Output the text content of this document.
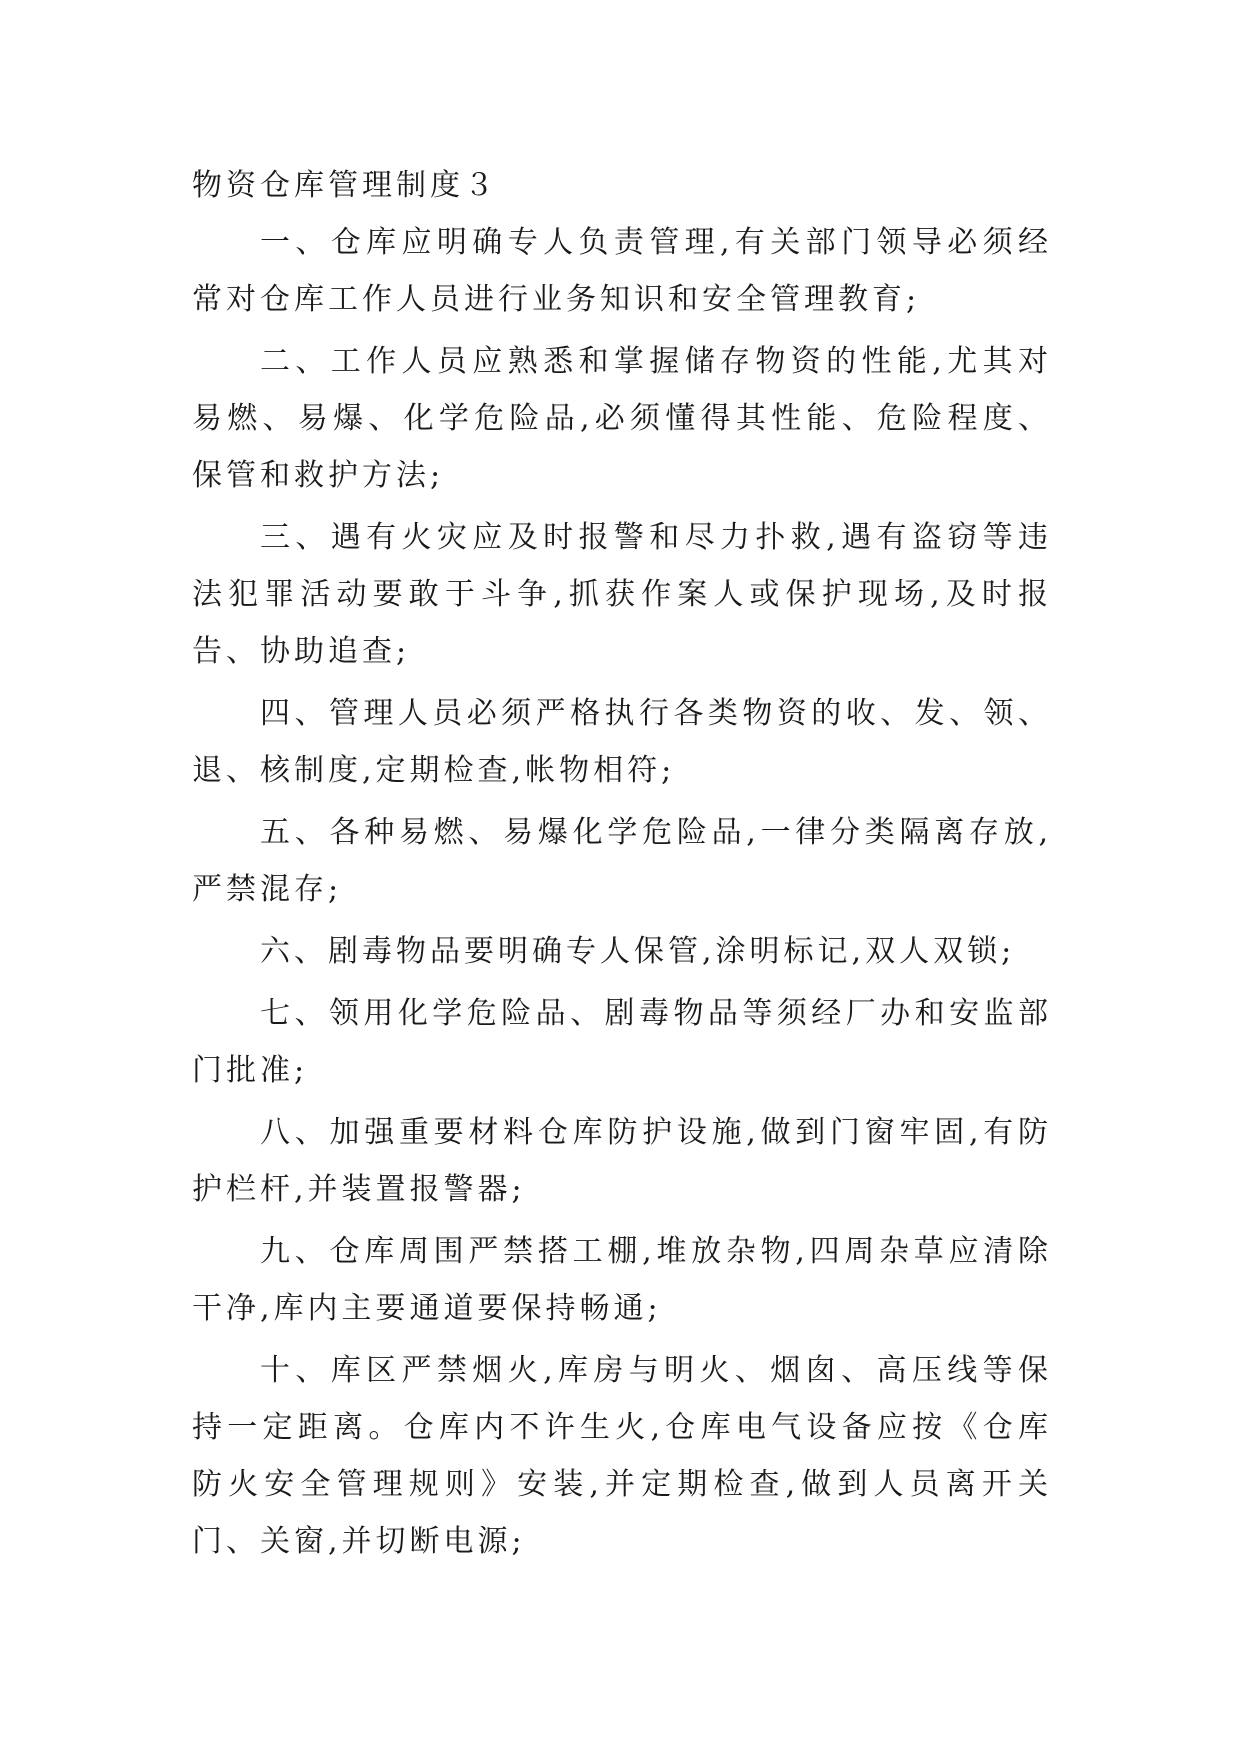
物资仓库管理制度３

一、仓库应明确专人负责管理,有关部门领导必须经常对仓库工作人员进行业务知识和安全管理教育;

二、工作人员应熟悉和掌握储存物资的性能,尤其对易燃、易爆、化学危险品,必须懂得其性能、危险程度、保管和救护方法;

三、遇有火灾应及时报警和尽力扑救,遇有盗窃等违法犯罪活动要敢于斗争,抓获作案人或保护现场,及时报告、协助追查;

四、管理人员必须严格执行各类物资的收、发、领、退、核制度,定期检查,帐物相符;

五、各种易燃、易爆化学危险品,一律分类隔离存放,严禁混存;

六、剧毒物品要明确专人保管,涂明标记,双人双锁;

七、领用化学危险品、剧毒物品等须经厂办和安监部门批准;

八、加强重要材料仓库防护设施,做到门窗牢固,有防护栏杆,并装置报警器;

九、仓库周围严禁搭工棚,堆放杂物,四周杂草应清除干净,库内主要通道要保持畅通;

十、库区严禁烟火,库房与明火、烟囱、高压线等保持一定距离。仓库内不许生火,仓库电气设备应按《仓库防火安全管理规则》安装,并定期检查,做到人员离开关门、关窗,并切断电源;
